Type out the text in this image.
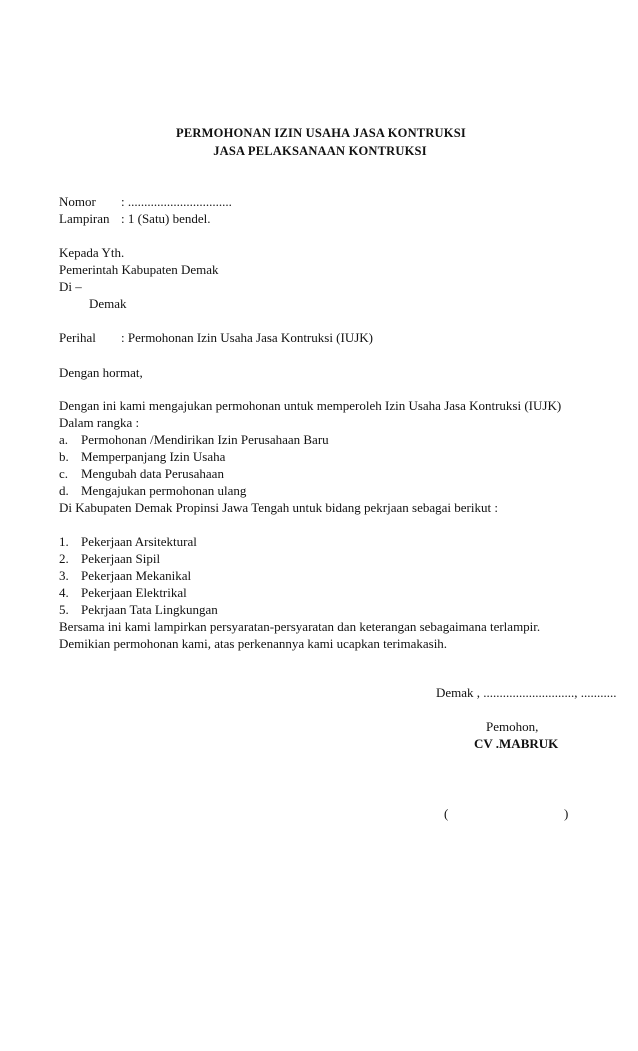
PERMOHONAN IZIN USAHA JASA KONTRUKSI
JASA PELAKSANAAN KONTRUKSI
Nomor : ................................
Lampiran : 1 (Satu) bendel.
Kepada Yth.
Pemerintah Kabupaten Demak
Di –
Demak
Perihal : Permohonan Izin Usaha Jasa Kontruksi (IUJK)
Dengan hormat,
Dengan ini kami mengajukan permohonan untuk memperoleh Izin Usaha Jasa Kontruksi (IUJK)
Dalam rangka :
a. Permohonan /Mendirikan Izin Perusahaan Baru
b. Memperpanjang Izin Usaha
c. Mengubah data Perusahaan
d. Mengajukan permohonan ulang
Di Kabupaten Demak Propinsi Jawa Tengah untuk bidang pekrjaan sebagai berikut :
1. Pekerjaan Arsitektural
2. Pekerjaan Sipil
3. Pekerjaan Mekanikal
4. Pekerjaan Elektrikal
5. Pekrjaan Tata Lingkungan
Bersama ini kami lampirkan persyaratan-persyaratan dan keterangan sebagaimana terlampir.
Demikian permohonan kami, atas perkenannya kami ucapkan terimakasih.
Demak , ............................, ...........
Pemohon,
CV .MABRUK
(	)
